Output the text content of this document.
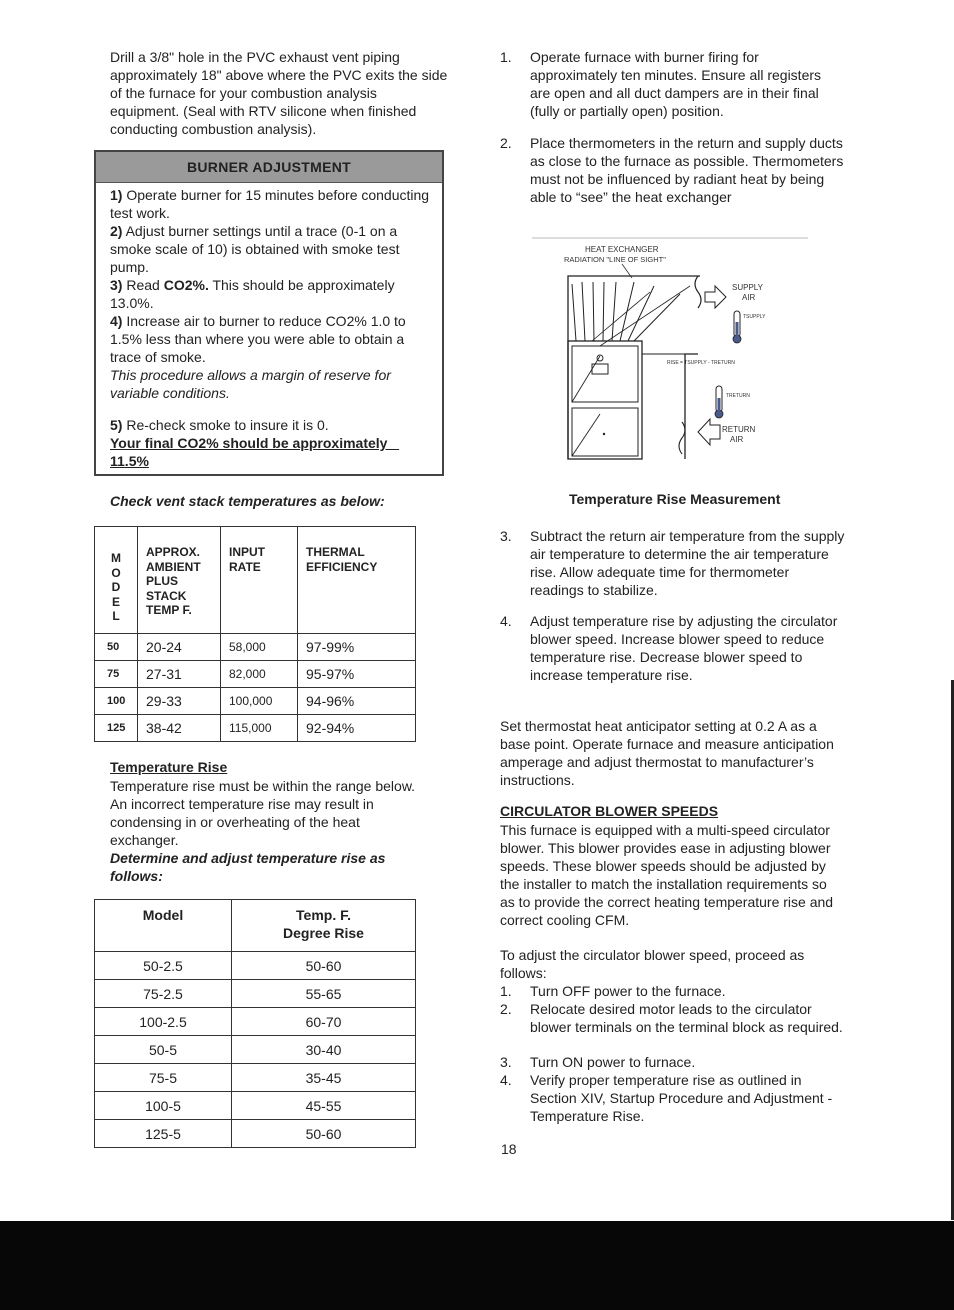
Drill a 3/8" hole in the PVC exhaust vent piping approximately 18" above where the PVC exits the side of the furnace for your combustion analysis equipment. (Seal with RTV silicone when finished conducting combustion analysis).
BURNER ADJUSTMENT

1) Operate burner for 15 minutes before conducting test work.

2) Adjust burner settings until a trace (0-1 on a smoke scale of 10) is obtained with smoke test pump.

3) Read CO2%. This should be approximately 13.0%.

4) Increase air to burner to reduce CO2% 1.0 to 1.5% less than where you were able to obtain a trace of smoke.

This procedure allows a margin of reserve for variable conditions.

5) Re-check smoke to insure it is 0.

Your final CO2% should be approximately   11.5%

Check vent stack temperatures as below:
M
O
D
E
L	APPROX. AMBIENT PLUS STACK TEMP F.	INPUT RATE	THERMAL EFFICIENCY

50	20-24	58,000	97-99%
75	27-31	82,000	95-97%
100	29-33	100,000	94-96%
125	38-42	115,000	92-94%
Temperature Rise
Temperature rise must be within the range below. An incorrect temperature rise may result in condensing in or overheating of the heat exchanger.
Determine and adjust temperature rise as follows:
Model	Temp. F. Degree Rise

50-2.5	50-60
75-2.5	55-65
100-2.5	60-70
50-5	30-40
75-5	35-45
100-5	45-55
125-5	50-60
1. Operate furnace with burner firing for approximately ten minutes. Ensure all registers are open and all duct dampers are in their final (fully or partially open) position.
2. Place thermometers in the return and supply ducts as close to the furnace as possible. Thermometers must not be influenced by radiant heat by being able to “see” the heat exchanger
HEAT EXCHANGER
RADIATION "LINE OF SIGHT"
SUPPLY
AIR
TSUPPLY
RISE = TSUPPLY - TRETURN
TRETURN
RETURN
AIR
Temperature Rise Measurement
3. Subtract the return air temperature from the supply air temperature to determine the air temperature rise. Allow adequate time for thermometer readings to stabilize.
4. Adjust temperature rise by adjusting the circulator blower speed. Increase blower speed to reduce temperature rise. Decrease blower speed to increase temperature rise.
Set thermostat heat anticipator setting at 0.2 A as a base point. Operate furnace and measure anticipation amperage and adjust thermostat to manufacturer’s instructions.
CIRCULATOR BLOWER SPEEDS
This furnace is equipped with a multi-speed circulator blower. This blower provides ease in adjusting blower speeds. These blower speeds should be adjusted by the installer to match the installation requirements so as to provide the correct heating temperature rise and correct cooling CFM.
To adjust the circulator blower speed, proceed as follows:
1. Turn OFF power to the furnace.
2. Relocate desired motor leads to the circulator blower terminals on the terminal block as required.
3. Turn ON power to furnace.
4. Verify proper temperature rise as outlined in Section XIV, Startup Procedure and Adjustment - Temperature Rise.
18
